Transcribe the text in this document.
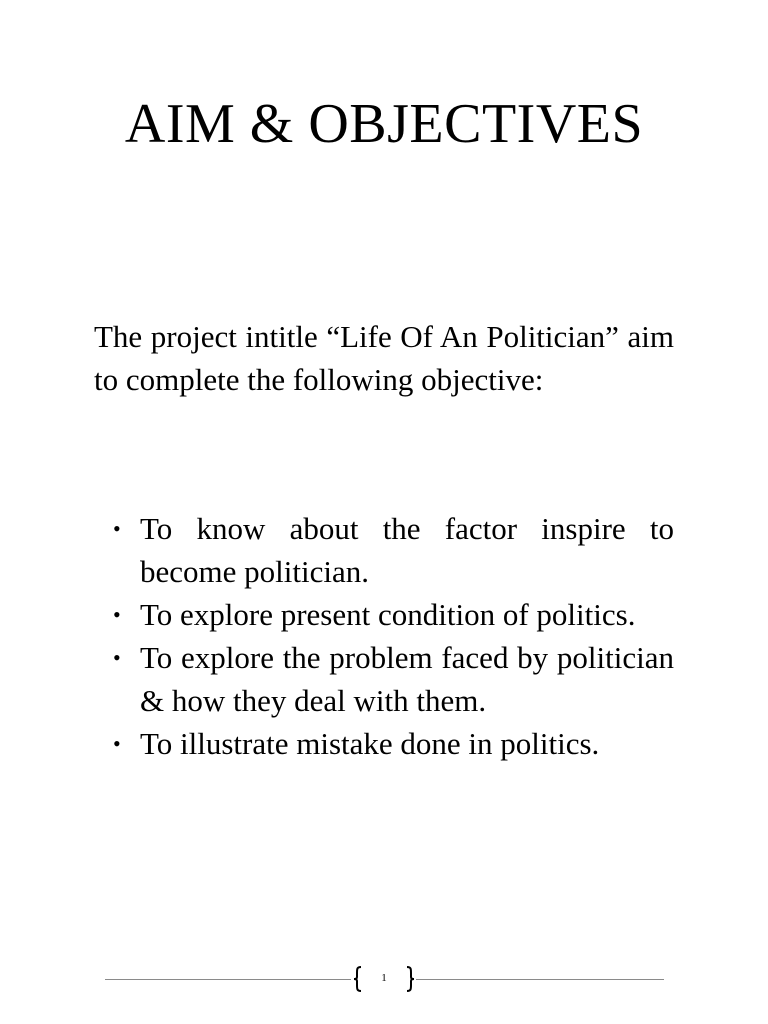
AIM & OBJECTIVES

The project intitle “Life Of An Politician” aim to complete the following objective:

• To know about the factor inspire to become politician.
• To explore present condition of politics.
• To explore the problem faced by politician & how they deal with them.
• To illustrate mistake done in politics.
1
